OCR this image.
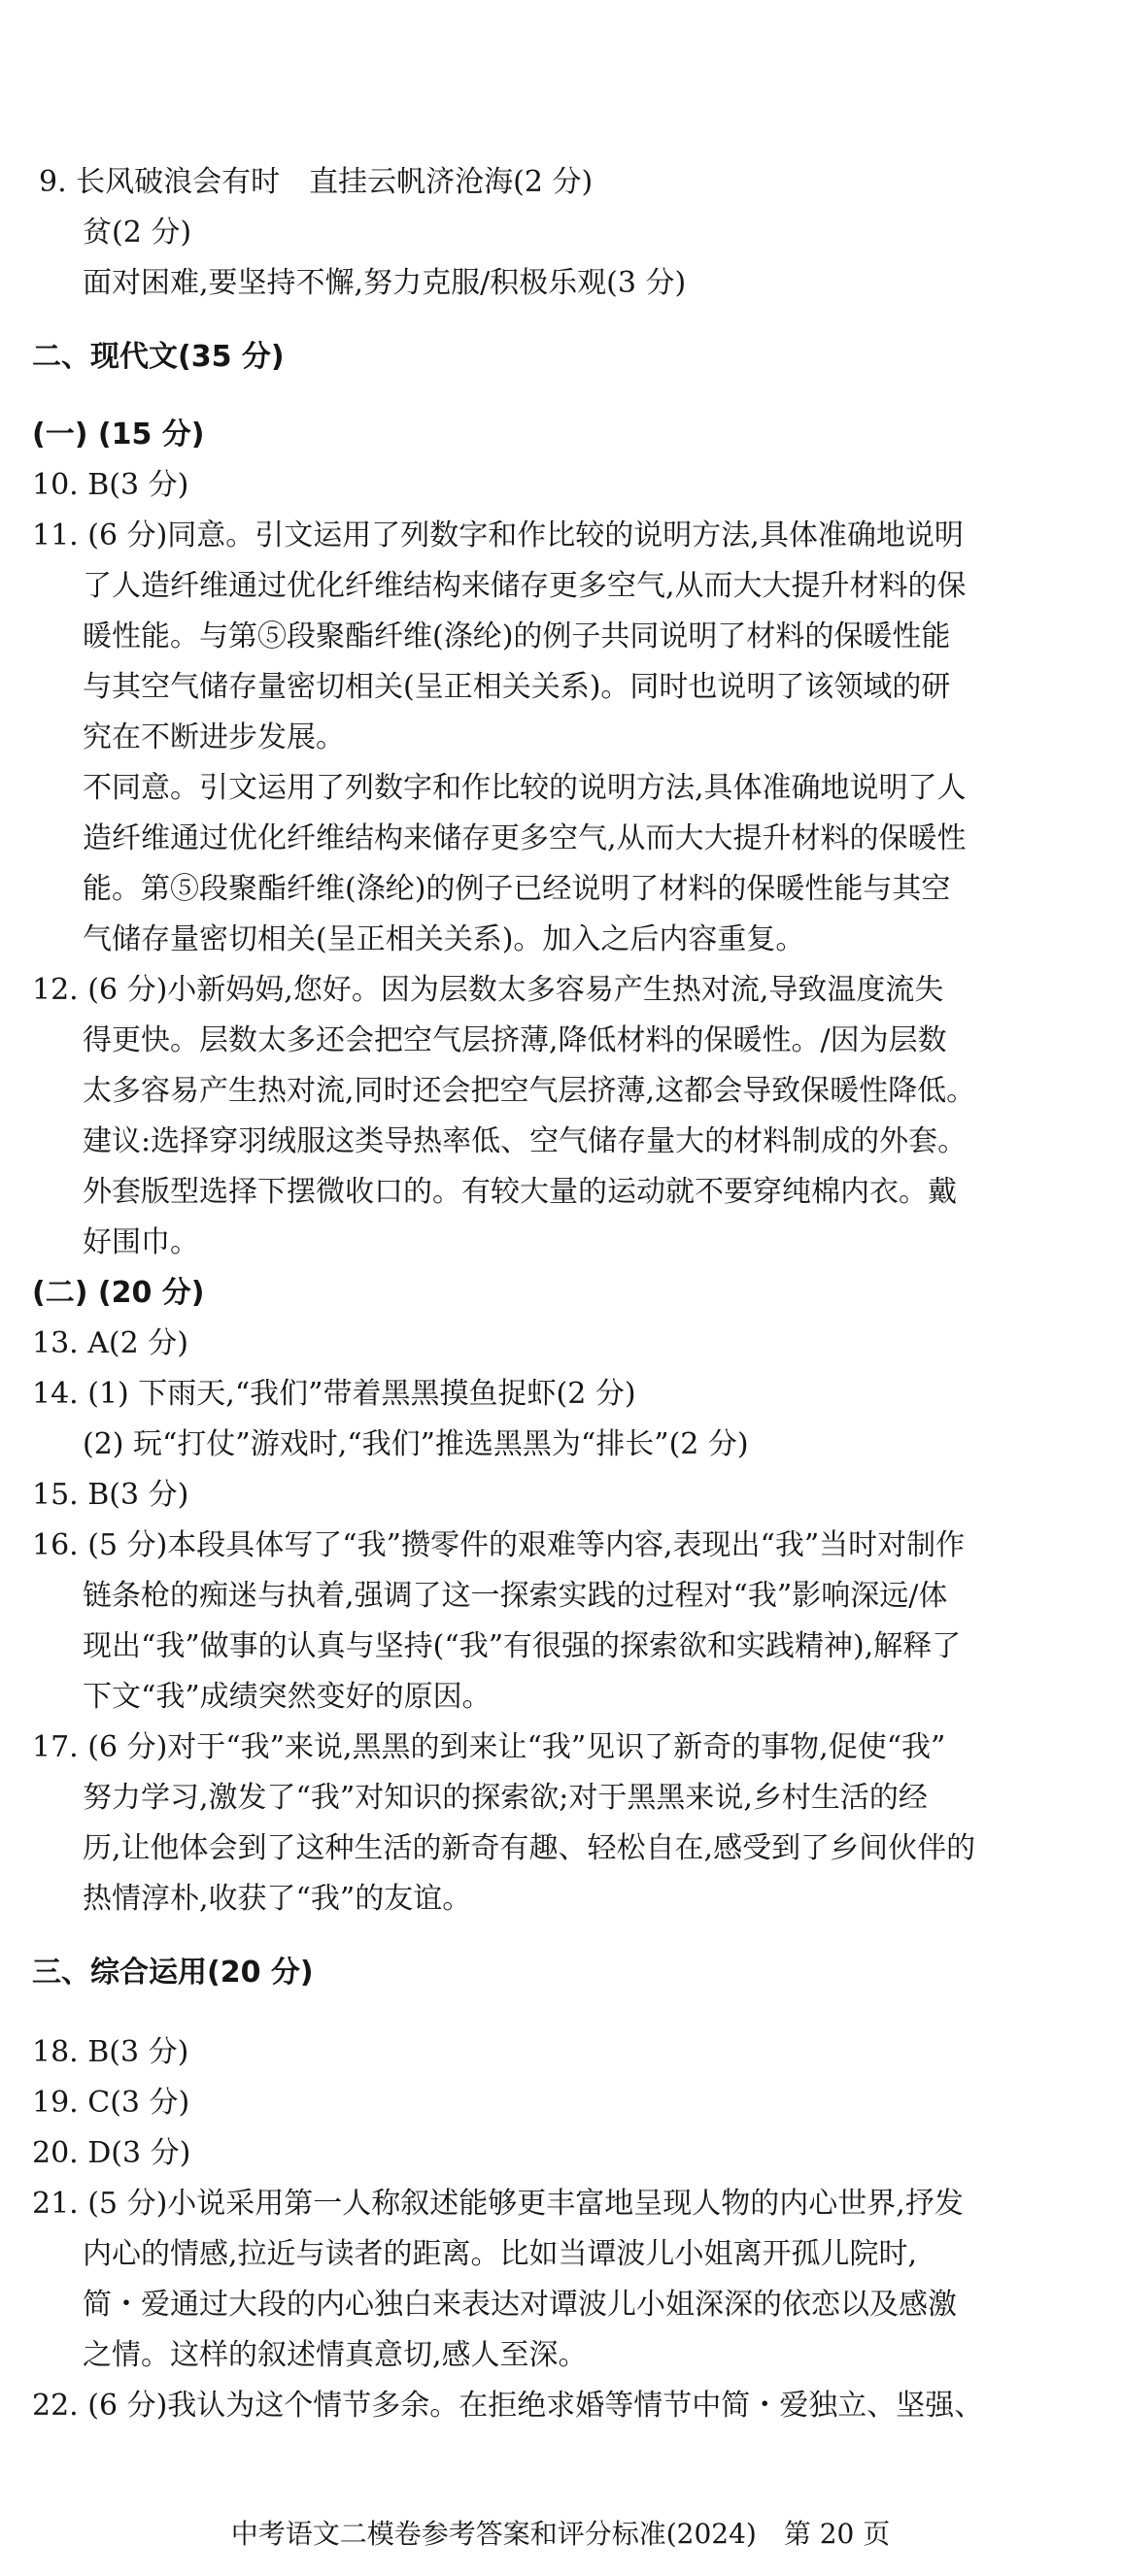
9. 长风破浪会有时　直挂云帆济沧海(2 分)
贫(2 分)
面对困难,要坚持不懈,努力克服/积极乐观(3 分)
二、现代文(35 分)
(一) (15 分)
10. B(3 分)
11. (6 分)同意。引文运用了列数字和作比较的说明方法,具体准确地说明
了人造纤维通过优化纤维结构来储存更多空气,从而大大提升材料的保
暖性能。与第⑤段聚酯纤维(涤纶)的例子共同说明了材料的保暖性能
与其空气储存量密切相关(呈正相关关系)。同时也说明了该领域的研
究在不断进步发展。
不同意。引文运用了列数字和作比较的说明方法,具体准确地说明了人
造纤维通过优化纤维结构来储存更多空气,从而大大提升材料的保暖性
能。第⑤段聚酯纤维(涤纶)的例子已经说明了材料的保暖性能与其空
气储存量密切相关(呈正相关关系)。加入之后内容重复。
12. (6 分)小新妈妈,您好。因为层数太多容易产生热对流,导致温度流失
得更快。层数太多还会把空气层挤薄,降低材料的保暖性。/因为层数
太多容易产生热对流,同时还会把空气层挤薄,这都会导致保暖性降低。
建议:选择穿羽绒服这类导热率低、空气储存量大的材料制成的外套。
外套版型选择下摆微收口的。有较大量的运动就不要穿纯棉内衣。戴
好围巾。
(二) (20 分)
13. A(2 分)
14. (1) 下雨天,“我们”带着黑黑摸鱼捉虾(2 分)
(2) 玩“打仗”游戏时,“我们”推选黑黑为“排长”(2 分)
15. B(3 分)
16. (5 分)本段具体写了“我”攒零件的艰难等内容,表现出“我”当时对制作
链条枪的痴迷与执着,强调了这一探索实践的过程对“我”影响深远/体
现出“我”做事的认真与坚持(“我”有很强的探索欲和实践精神),解释了
下文“我”成绩突然变好的原因。
17. (6 分)对于“我”来说,黑黑的到来让“我”见识了新奇的事物,促使“我”
努力学习,激发了“我”对知识的探索欲;对于黑黑来说,乡村生活的经
历,让他体会到了这种生活的新奇有趣、轻松自在,感受到了乡间伙伴的
热情淳朴,收获了“我”的友谊。
三、综合运用(20 分)
18. B(3 分)
19. C(3 分)
20. D(3 分)
21. (5 分)小说采用第一人称叙述能够更丰富地呈现人物的内心世界,抒发
内心的情感,拉近与读者的距离。比如当谭波儿小姐离开孤儿院时,
简・爱通过大段的内心独白来表达对谭波儿小姐深深的依恋以及感激
之情。这样的叙述情真意切,感人至深。
22. (6 分)我认为这个情节多余。在拒绝求婚等情节中简・爱独立、坚强、
中考语文二模卷参考答案和评分标准(2024)　第 20 页
